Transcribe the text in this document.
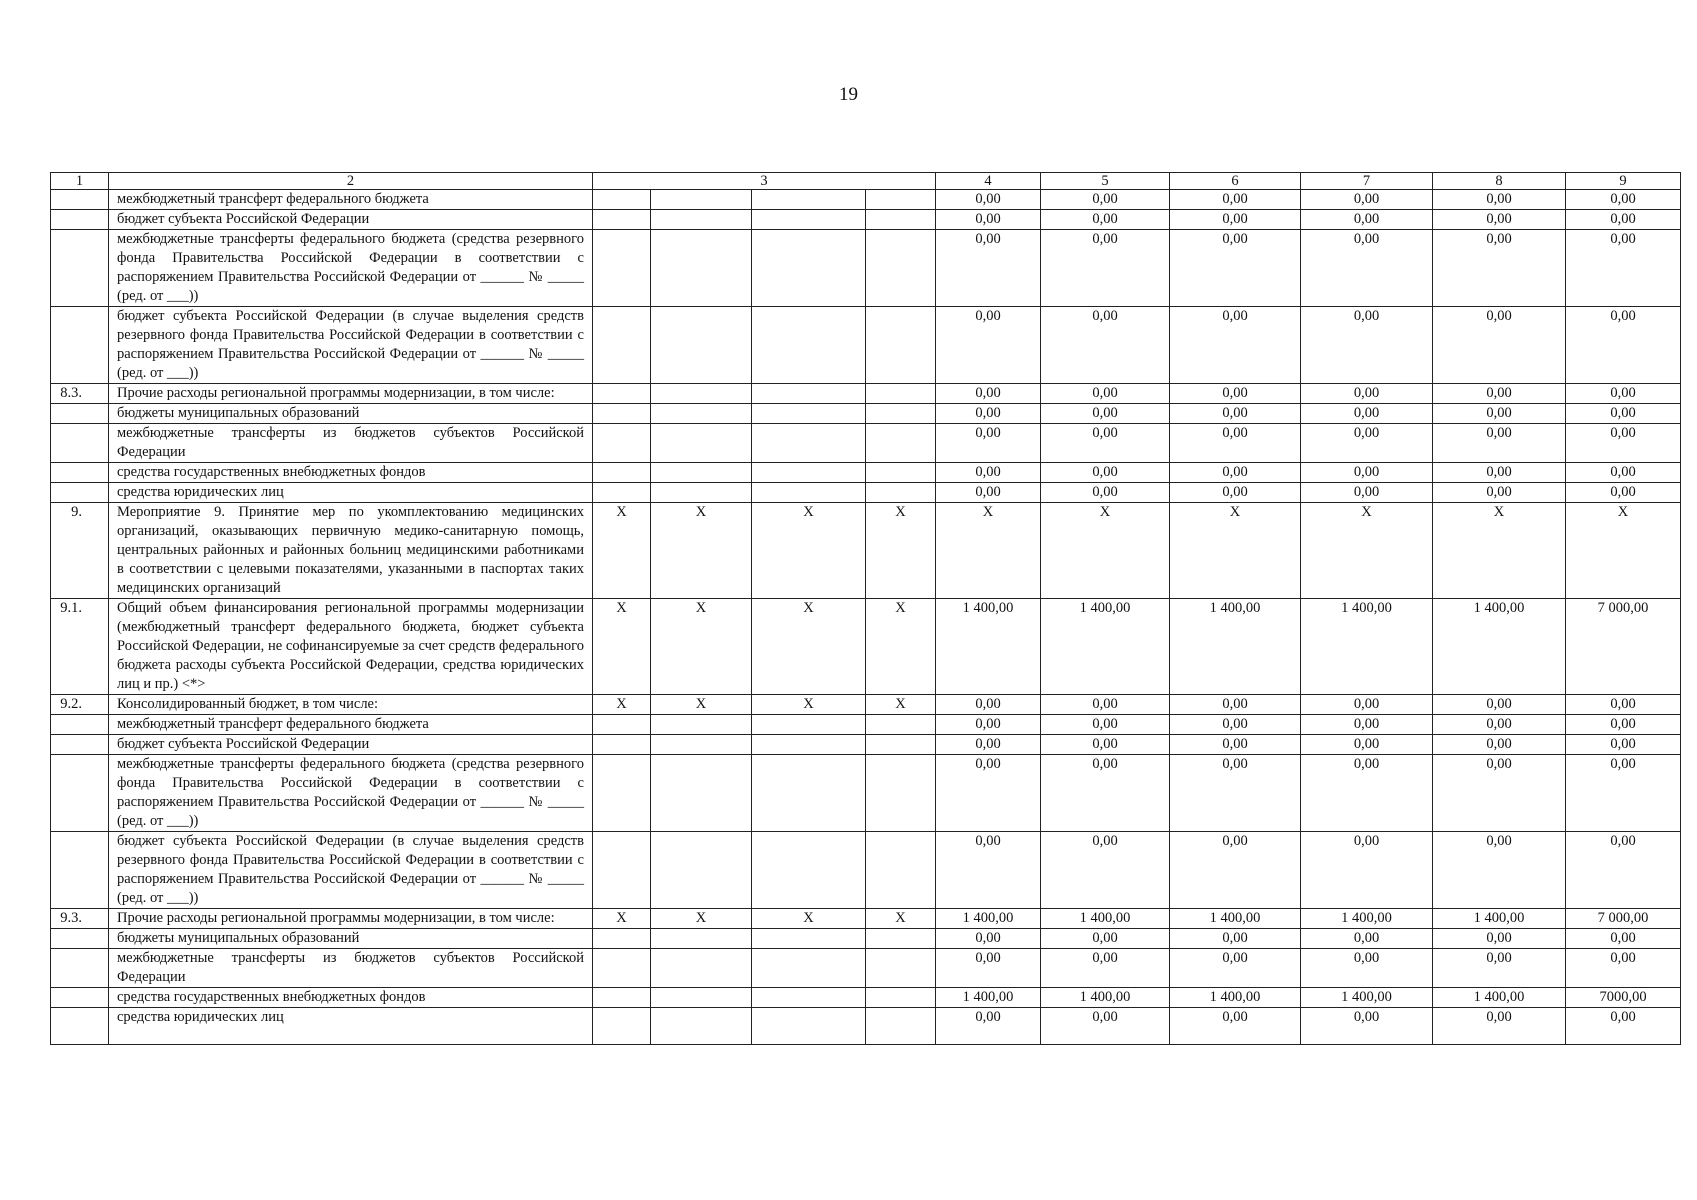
19
1	2	3				4	5	6	7	8	9
	межбюджетный трансферт федерального бюджета					0,00	0,00	0,00	0,00	0,00	0,00
	бюджет субъекта Российской Федерации					0,00	0,00	0,00	0,00	0,00	0,00
	межбюджетные трансферты федерального бюджета (средства резервного фонда Правительства Российской Федерации в соответствии с распоряжением Правительства Российской Федерации от ______ № _____ (ред. от ___))					0,00	0,00	0,00	0,00	0,00	0,00
	бюджет субъекта Российской Федерации (в случае выделения средств резервного фонда Правительства Российской Федерации в соответствии с распоряжением Правительства Российской Федерации от ______ № _____ (ред. от ___))					0,00	0,00	0,00	0,00	0,00	0,00
8.3.	Прочие расходы региональной программы модернизации, в том числе:					0,00	0,00	0,00	0,00	0,00	0,00
	бюджеты муниципальных образований					0,00	0,00	0,00	0,00	0,00	0,00
	межбюджетные трансферты из бюджетов субъектов Российской Федерации					0,00	0,00	0,00	0,00	0,00	0,00
	средства государственных внебюджетных фондов					0,00	0,00	0,00	0,00	0,00	0,00
	средства юридических лиц					0,00	0,00	0,00	0,00	0,00	0,00
9.	Мероприятие 9. Принятие мер по укомплектованию медицинских организаций, оказывающих первичную медико-санитарную помощь, центральных районных и районных больниц медицинскими работниками в соответствии с целевыми показателями, указанными в паспортах таких медицинских организаций	X	X	X	X	X	X	X	X	X	X
9.1.	Общий объем финансирования региональной программы модернизации (межбюджетный трансферт федерального бюджета, бюджет субъекта Российской Федерации, не софинансируемые за счет средств федерального бюджета расходы субъекта Российской Федерации, средства юридических лиц и пр.) <*>	X	X	X	X	1 400,00	1 400,00	1 400,00	1 400,00	1 400,00	7 000,00
9.2.	Консолидированный бюджет, в том числе:	X	X	X	X	0,00	0,00	0,00	0,00	0,00	0,00
	межбюджетный трансферт федерального бюджета					0,00	0,00	0,00	0,00	0,00	0,00
	бюджет субъекта Российской Федерации					0,00	0,00	0,00	0,00	0,00	0,00
	межбюджетные трансферты федерального бюджета (средства резервного фонда Правительства Российской Федерации в соответствии с распоряжением Правительства Российской Федерации от ______ № _____ (ред. от ___))					0,00	0,00	0,00	0,00	0,00	0,00
	бюджет субъекта Российской Федерации (в случае выделения средств резервного фонда Правительства Российской Федерации в соответствии с распоряжением Правительства Российской Федерации от ______ № _____ (ред. от ___))					0,00	0,00	0,00	0,00	0,00	0,00
9.3.	Прочие расходы региональной программы модернизации, в том числе:	X	X	X	X	1 400,00	1 400,00	1 400,00	1 400,00	1 400,00	7 000,00
	бюджеты муниципальных образований					0,00	0,00	0,00	0,00	0,00	0,00
	межбюджетные трансферты из бюджетов субъектов Российской Федерации					0,00	0,00	0,00	0,00	0,00	0,00
	средства государственных внебюджетных фондов					1 400,00	1 400,00	1 400,00	1 400,00	1 400,00	7000,00
	средства юридических лиц					0,00	0,00	0,00	0,00	0,00	0,00
